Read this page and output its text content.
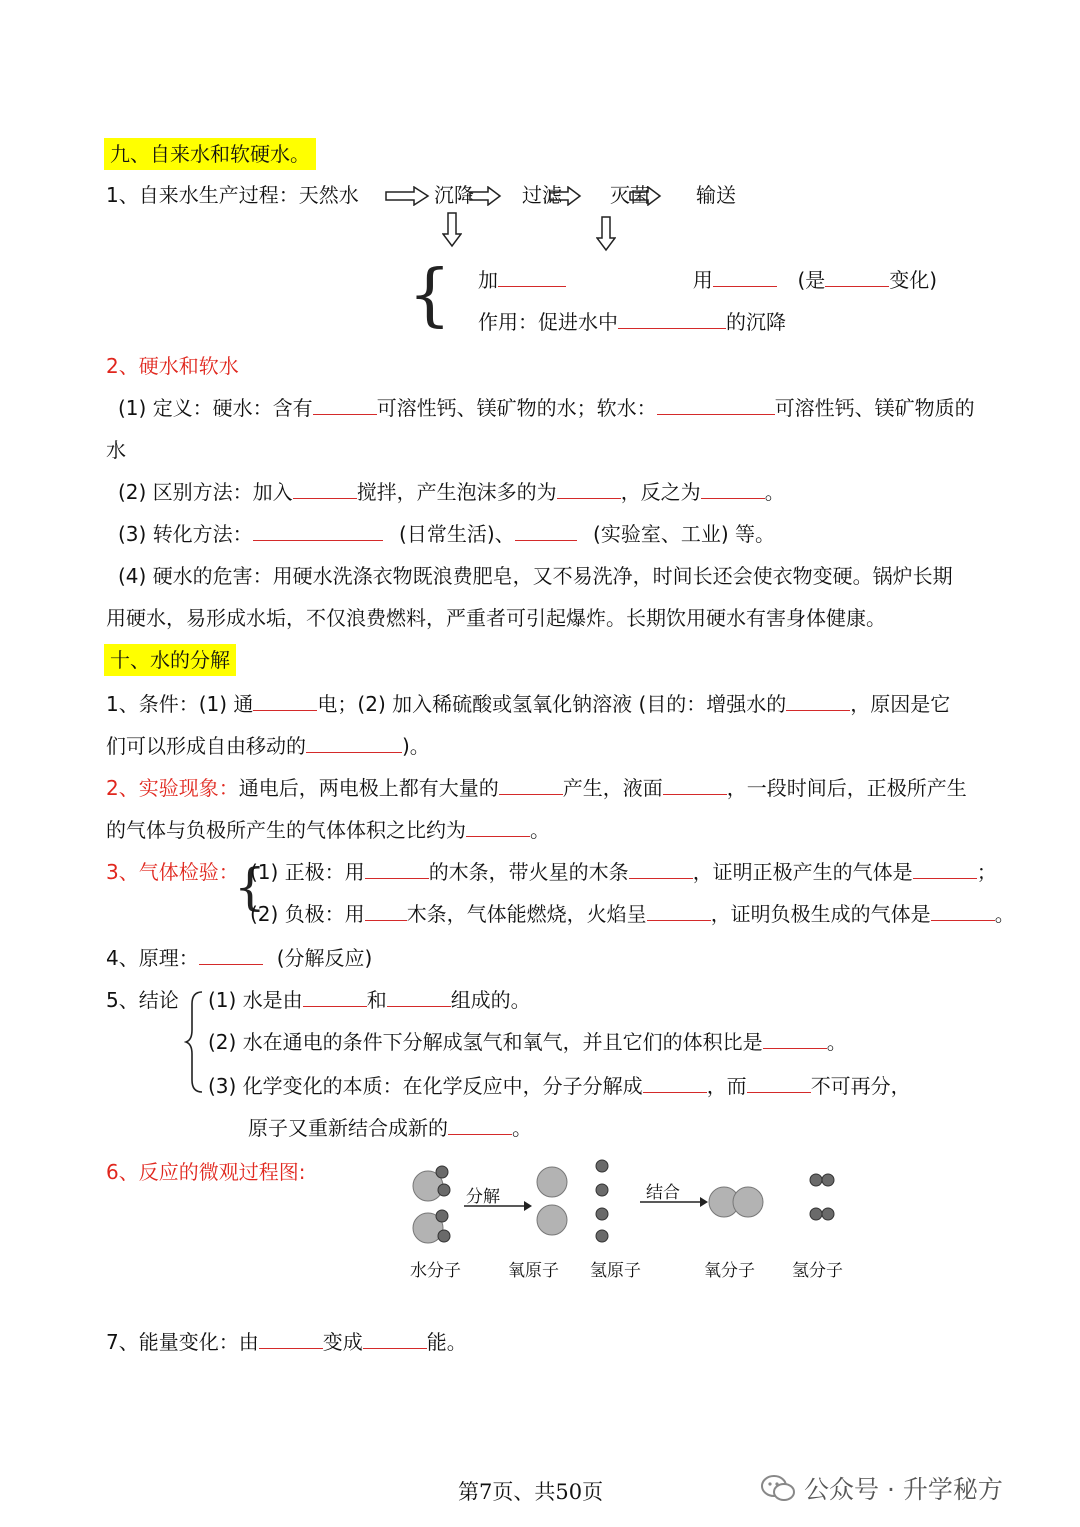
九、自来水和软硬水。
1、自来水生产过程：天然水	沉降 过滤 灭菌 输送
{ 加	用	(是	变化)
作用：促进水中	的沉降
2、硬水和软水
(1) 定义：硬水：含有	可溶性钙、镁矿物的水；软水：	可溶性钙、镁矿物质的
水
(2) 区别方法：加入	搅拌，产生泡沫多的为	，反之为	。
(3) 转化方法：	(日常生活)、	(实验室、工业) 等。
(4) 硬水的危害：用硬水洗涤衣物既浪费肥皂，又不易洗净，时间长还会使衣物变硬。锅炉长期
用硬水，易形成水垢，不仅浪费燃料，严重者可引起爆炸。长期饮用硬水有害身体健康。
十、水的分解
1、条件：(1) 通	电；(2) 加入稀硫酸或氢氧化钠溶液 (目的：增强水的	，原因是它
们可以形成自由移动的	)。
2、实验现象：通电后，两电极上都有大量的	产生，液面	，一段时间后，正极所产生
的气体与负极所产生的气体体积之比约为	。
3、气体检验：
{
(1) 正极：用	的木条，带火星的木条	，证明正极产生的气体是	；
(2) 负极：用 木条，气体能燃烧，火焰呈	，证明负极生成的气体是	。
4、原理：	(分解反应)
5、结论 (1) 水是由	和	组成的。
(2) 水在通电的条件下分解成氢气和氧气，并且它们的体积比是	。
(3) 化学变化的本质：在化学反应中，分子分解成	，而	不可再分，
原子又重新结合成新的	。
6、反应的微观过程图:
分解	结合
水分子	氧原子 氢原子	氧分子 氢分子
7、能量变化：由	变成	能。
第7页、共50页	公众号 · 升学秘方
